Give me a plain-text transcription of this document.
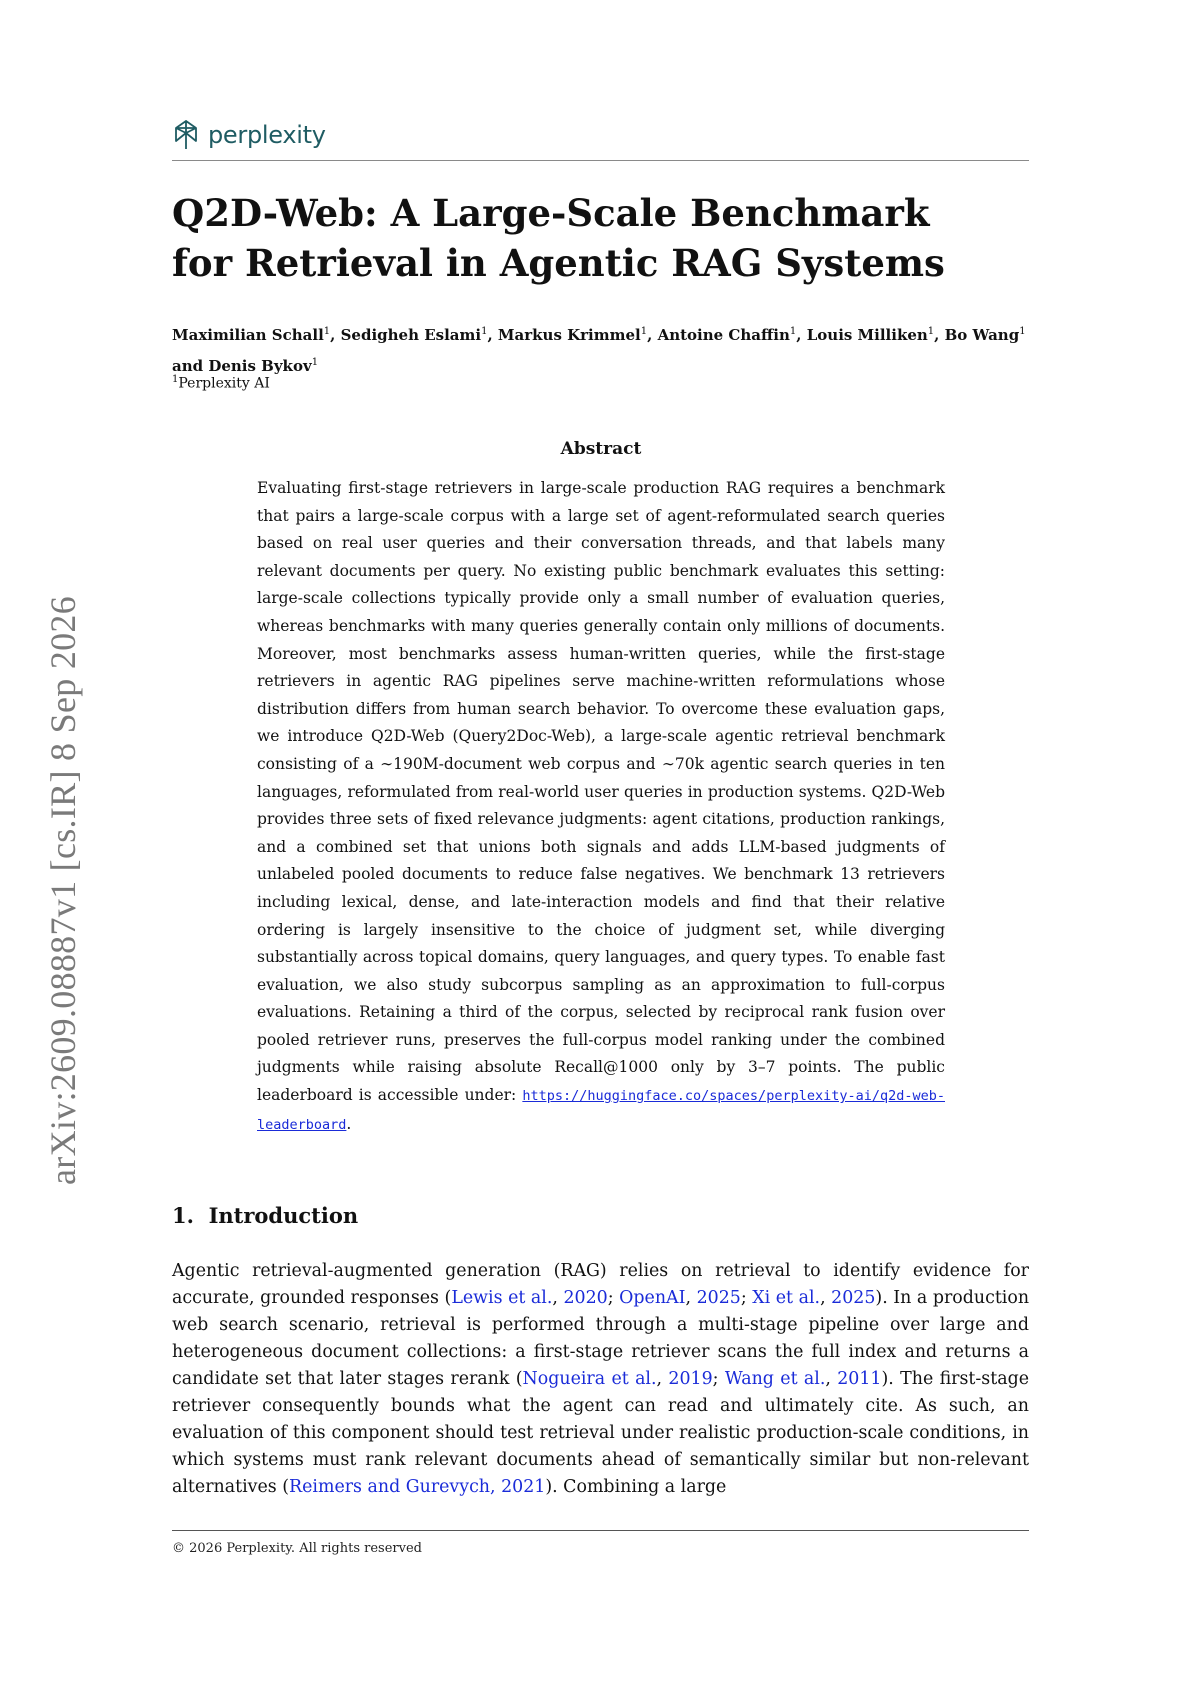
perplexity
arXiv:2609.08887v1 [cs.IR] 8 Sep 2026
Q2D-Web: A Large-Scale Benchmark
for Retrieval in Agentic RAG Systems
Maximilian Schall$^1$, Sedigheh Eslami$^1$, Markus Krimmel$^1$, Antoine Chaffin$^1$, Louis Milliken$^1$, Bo Wang$^1$ and Denis Bykov$^1$
$^1$Perplexity AI
Abstract
Evaluating first-stage retrievers in large-scale production RAG requires a benchmark that pairs a large-scale corpus with a large set of agent-reformulated search queries based on real user queries and their conversation threads, and that labels many relevant documents per query. No existing public benchmark evaluates this setting: large-scale collections typically provide only a small number of evaluation queries, whereas benchmarks with many queries generally contain only millions of documents. Moreover, most benchmarks assess human-written queries, while the first-stage retrievers in agentic RAG pipelines serve machine-written reformulations whose distribution differs from human search behavior. To overcome these evaluation gaps, we introduce Q2D-Web (Query2Doc-Web), a large-scale agentic retrieval benchmark consisting of a ∼190M-document web corpus and ∼70k agentic search queries in ten languages, reformulated from real-world user queries in production systems. Q2D-Web provides three sets of fixed relevance judgments: agent citations, production rankings, and a combined set that unions both signals and adds LLM-based judgments of unlabeled pooled documents to reduce false negatives. We benchmark 13 retrievers including lexical, dense, and late-interaction models and find that their relative ordering is largely insensitive to the choice of judgment set, while diverging substantially across topical domains, query languages, and query types. To enable fast evaluation, we also study subcorpus sampling as an approximation to full-corpus evaluations. Retaining a third of the corpus, selected by reciprocal rank fusion over pooled retriever runs, preserves the full-corpus model ranking under the combined judgments while raising absolute Recall@1000 only by 3–7 points. The public leaderboard is accessible under: https://huggingface.co/spaces/perplexity-ai/q2d-web-leaderboard.
1. Introduction
Agentic retrieval-augmented generation (RAG) relies on retrieval to identify evidence for accurate, grounded responses (Lewis et al., 2020; OpenAI, 2025; Xi et al., 2025). In a production web search scenario, retrieval is performed through a multi-stage pipeline over large and heterogeneous document collections: a first-stage retriever scans the full index and returns a candidate set that later stages rerank (Nogueira et al., 2019; Wang et al., 2011). The first-stage retriever consequently bounds what the agent can read and ultimately cite. As such, an evaluation of this component should test retrieval under realistic production-scale conditions, in which systems must rank relevant documents ahead of semantically similar but non-relevant alternatives (Reimers and Gurevych, 2021). Combining a large
© 2026 Perplexity. All rights reserved
